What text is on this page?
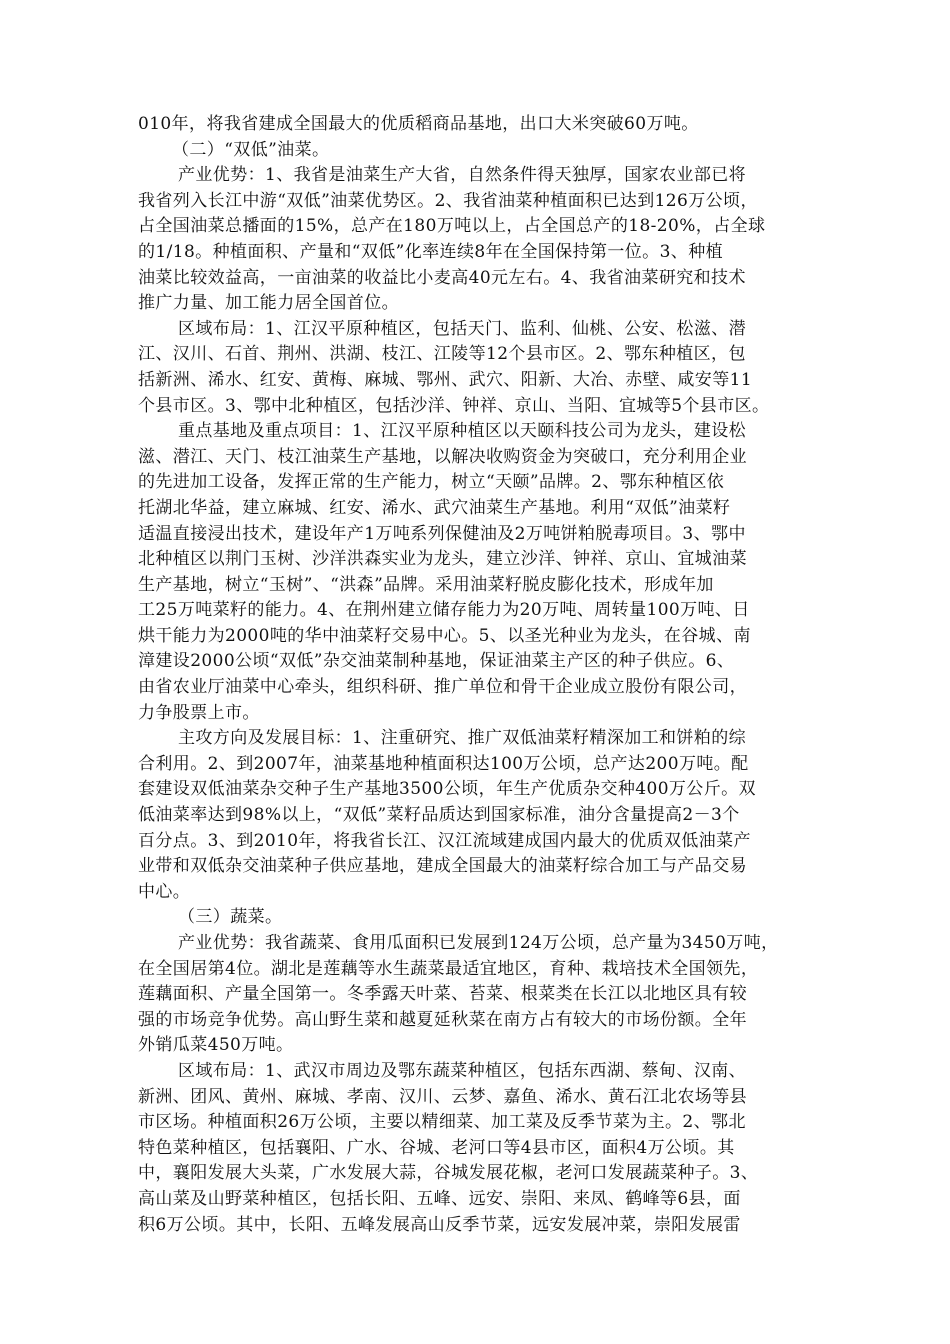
010年，将我省建成全国最大的优质稻商品基地，出口大米突破60万吨。
（二）“双低”油菜。
产业优势：1、我省是油菜生产大省，自然条件得天独厚，国家农业部已将
我省列入长江中游“双低”油菜优势区。2、我省油菜种植面积已达到126万公顷，
占全国油菜总播面的15%，总产在180万吨以上，占全国总产的18-20%，占全球
的1/18。种植面积、产量和“双低”化率连续8年在全国保持第一位。3、种植
油菜比较效益高，一亩油菜的收益比小麦高40元左右。4、我省油菜研究和技术
推广力量、加工能力居全国首位。
区域布局：1、江汉平原种植区，包括天门、监利、仙桃、公安、松滋、潜
江、汉川、石首、荆州、洪湖、枝江、江陵等12个县市区。2、鄂东种植区，包
括新洲、浠水、红安、黄梅、麻城、鄂州、武穴、阳新、大冶、赤壁、咸安等11
个县市区。3、鄂中北种植区，包括沙洋、钟祥、京山、当阳、宜城等5个县市区。
重点基地及重点项目：1、江汉平原种植区以天颐科技公司为龙头，建设松
滋、潜江、天门、枝江油菜生产基地，以解决收购资金为突破口，充分利用企业
的先进加工设备，发挥正常的生产能力，树立“天颐”品牌。2、鄂东种植区依
托湖北华益，建立麻城、红安、浠水、武穴油菜生产基地。利用“双低”油菜籽
适温直接浸出技术，建设年产1万吨系列保健油及2万吨饼粕脱毒项目。3、鄂中
北种植区以荆门玉树、沙洋洪森实业为龙头，建立沙洋、钟祥、京山、宜城油菜
生产基地，树立“玉树”、“洪森”品牌。采用油菜籽脱皮膨化技术，形成年加
工25万吨菜籽的能力。4、在荆州建立储存能力为20万吨、周转量100万吨、日
烘干能力为2000吨的华中油菜籽交易中心。5、以圣光种业为龙头，在谷城、南
漳建设2000公顷“双低”杂交油菜制种基地，保证油菜主产区的种子供应。6、
由省农业厅油菜中心牵头，组织科研、推广单位和骨干企业成立股份有限公司，
力争股票上市。
主攻方向及发展目标：1、注重研究、推广双低油菜籽精深加工和饼粕的综
合利用。2、到2007年，油菜基地种植面积达100万公顷，总产达200万吨。配
套建设双低油菜杂交种子生产基地3500公顷，年生产优质杂交种400万公斤。双
低油菜率达到98%以上，“双低”菜籽品质达到国家标准，油分含量提高2－3个
百分点。3、到2010年，将我省长江、汉江流域建成国内最大的优质双低油菜产
业带和双低杂交油菜种子供应基地，建成全国最大的油菜籽综合加工与产品交易
中心。
（三）蔬菜。
产业优势：我省蔬菜、食用瓜面积已发展到124万公顷，总产量为3450万吨，
在全国居第4位。湖北是莲藕等水生蔬菜最适宜地区，育种、栽培技术全国领先，
莲藕面积、产量全国第一。冬季露天叶菜、苔菜、根菜类在长江以北地区具有较
强的市场竞争优势。高山野生菜和越夏延秋菜在南方占有较大的市场份额。全年
外销瓜菜450万吨。
区域布局：1、武汉市周边及鄂东蔬菜种植区，包括东西湖、蔡甸、汉南、
新洲、团风、黄州、麻城、孝南、汉川、云梦、嘉鱼、浠水、黄石江北农场等县
市区场。种植面积26万公顷，主要以精细菜、加工菜及反季节菜为主。2、鄂北
特色菜种植区，包括襄阳、广水、谷城、老河口等4县市区，面积4万公顷。其
中，襄阳发展大头菜，广水发展大蒜，谷城发展花椒，老河口发展蔬菜种子。3、
高山菜及山野菜种植区，包括长阳、五峰、远安、崇阳、来凤、鹤峰等6县，面
积6万公顷。其中，长阳、五峰发展高山反季节菜，远安发展冲菜，崇阳发展雷
